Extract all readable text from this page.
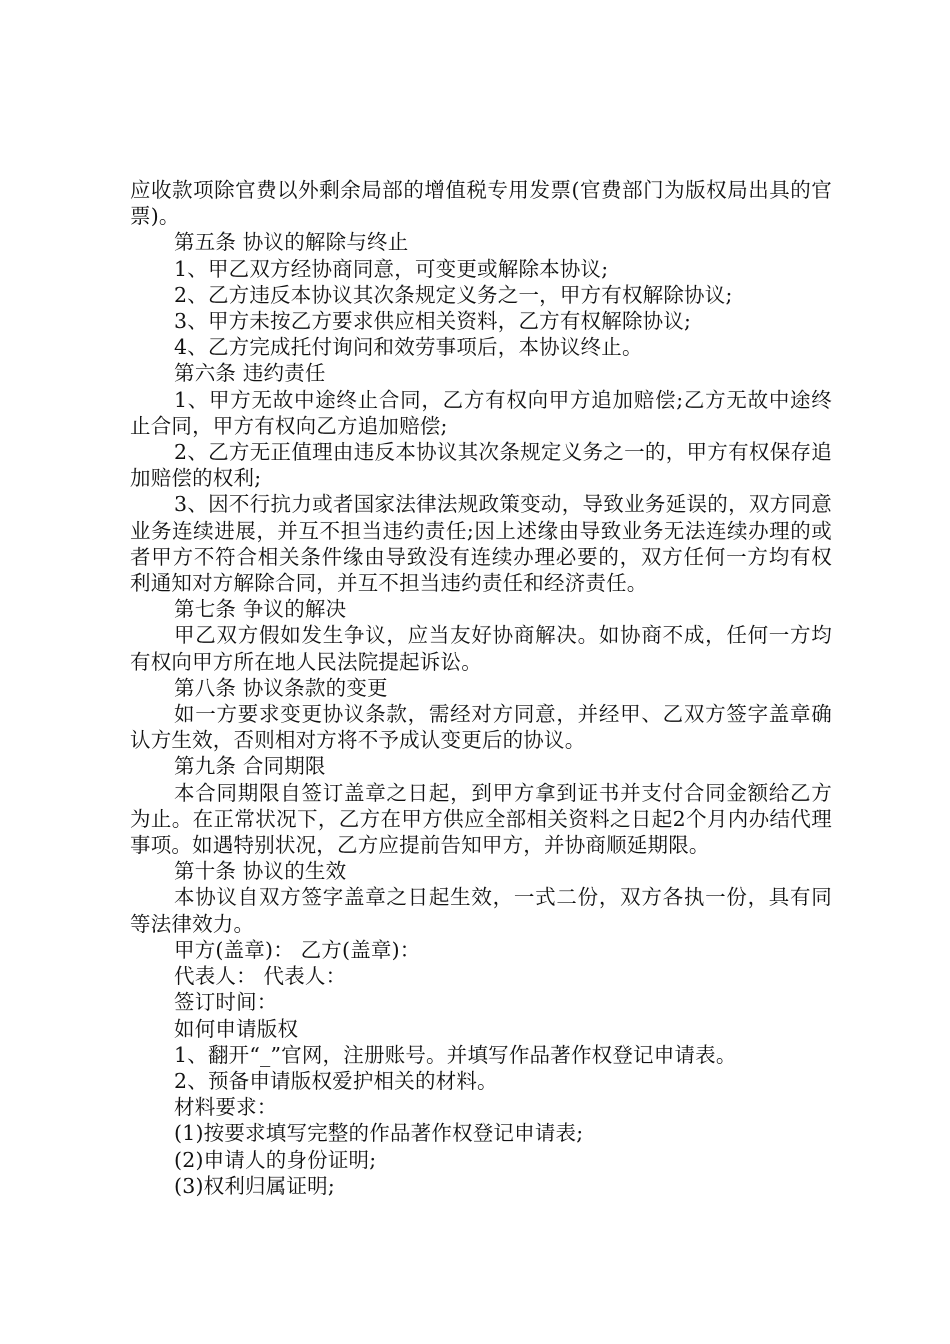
应收款项除官费以外剩余局部的增值税专用发票(官费部门为版权局出具的官票)。

第五条 协议的解除与终止

1、甲乙双方经协商同意，可变更或解除本协议;

2、乙方违反本协议其次条规定义务之一，甲方有权解除协议;

3、甲方未按乙方要求供应相关资料，乙方有权解除协议;

4、乙方完成托付询问和效劳事项后，本协议终止。

第六条 违约责任

1、甲方无故中途终止合同，乙方有权向甲方追加赔偿;乙方无故中途终止合同，甲方有权向乙方追加赔偿;

2、乙方无正值理由违反本协议其次条规定义务之一的，甲方有权保存追加赔偿的权利;

3、因不行抗力或者国家法律法规政策变动，导致业务延误的，双方同意业务连续进展，并互不担当违约责任;因上述缘由导致业务无法连续办理的或者甲方不符合相关条件缘由导致没有连续办理必要的，双方任何一方均有权利通知对方解除合同，并互不担当违约责任和经济责任。

第七条 争议的解决

甲乙双方假如发生争议，应当友好协商解决。如协商不成，任何一方均有权向甲方所在地人民法院提起诉讼。

第八条 协议条款的变更

如一方要求变更协议条款，需经对方同意，并经甲、乙双方签字盖章确认方生效，否则相对方将不予成认变更后的协议。

第九条 合同期限

本合同期限自签订盖章之日起，到甲方拿到证书并支付合同金额给乙方为止。在正常状况下，乙方在甲方供应全部相关资料之日起2个月内办结代理事项。如遇特别状况，乙方应提前告知甲方，并协商顺延期限。

第十条 协议的生效

本协议自双方签字盖章之日起生效，一式二份，双方各执一份，具有同等法律效力。

甲方(盖章)： 乙方(盖章)：

代表人： 代表人：

签订时间：

如何申请版权

1、翻开“_”官网，注册账号。并填写作品著作权登记申请表。

2、预备申请版权爱护相关的材料。

材料要求：

(1)按要求填写完整的作品著作权登记申请表;

(2)申请人的身份证明;

(3)权利归属证明;
